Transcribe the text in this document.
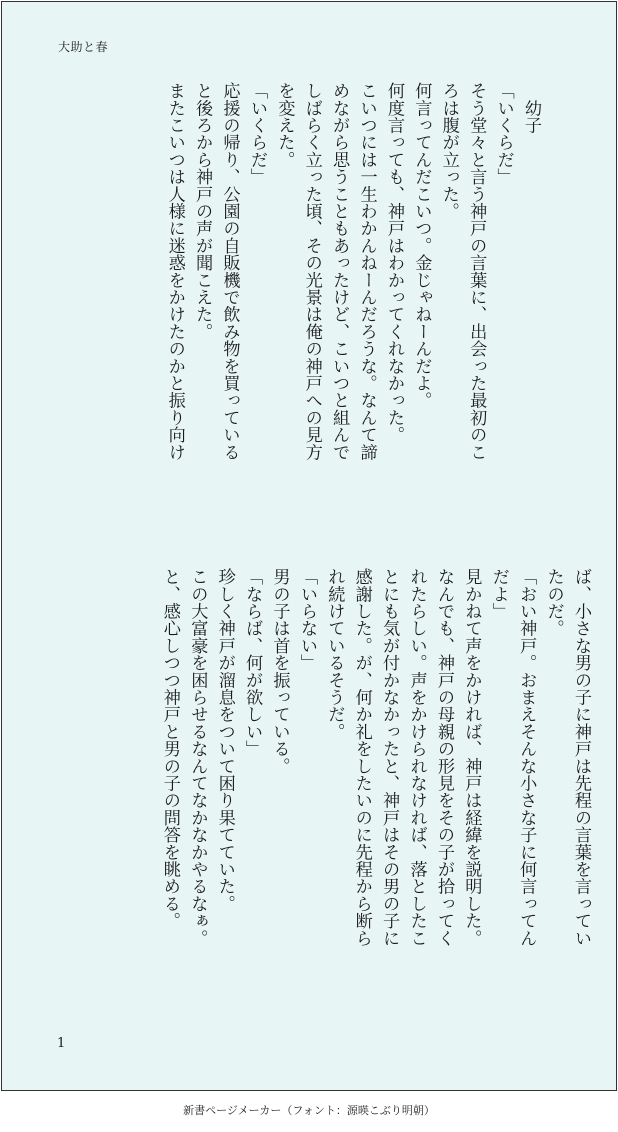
大助と春
　幼子
「いくらだ」
そう堂々と言う神戸の言葉に、出会った最初のこ
ろは腹が立った。
何言ってんだこいつ。金じゃねーんだよ。
何度言っても、神戸はわかってくれなかった。
こいつには一生わかんねーんだろうな。なんて諦
めながら思うこともあったけど、こいつと組んで
しばらく立った頃、その光景は俺の神戸への見方
を変えた。
「いくらだ」
応援の帰り、公園の自販機で飲み物を買っている
と後ろから神戸の声が聞こえた。
またこいつは人様に迷惑をかけたのかと振り向け
ば、小さな男の子に神戸は先程の言葉を言ってい
たのだ。
「おい神戸。おまえそんな小さな子に何言ってん
だよ」
見かねて声をかければ、神戸は経緯を説明した。
なんでも、神戸の母親の形見をその子が拾ってく
れたらしい。声をかけられなければ、落としたこ
とにも気が付かなかったと、神戸はその男の子に
感謝した。が、何か礼をしたいのに先程から断ら
れ続けているそうだ。
「いらない」
男の子は首を振っている。
「ならば、何が欲しい」
珍しく神戸が溜息をついて困り果てていた。
この大富豪を困らせるなんてなかなかやるなぁ。
と、感心しつつ神戸と男の子の問答を眺める。
1
新書ページメーカー（フォント：源暎こぶり明朝）
